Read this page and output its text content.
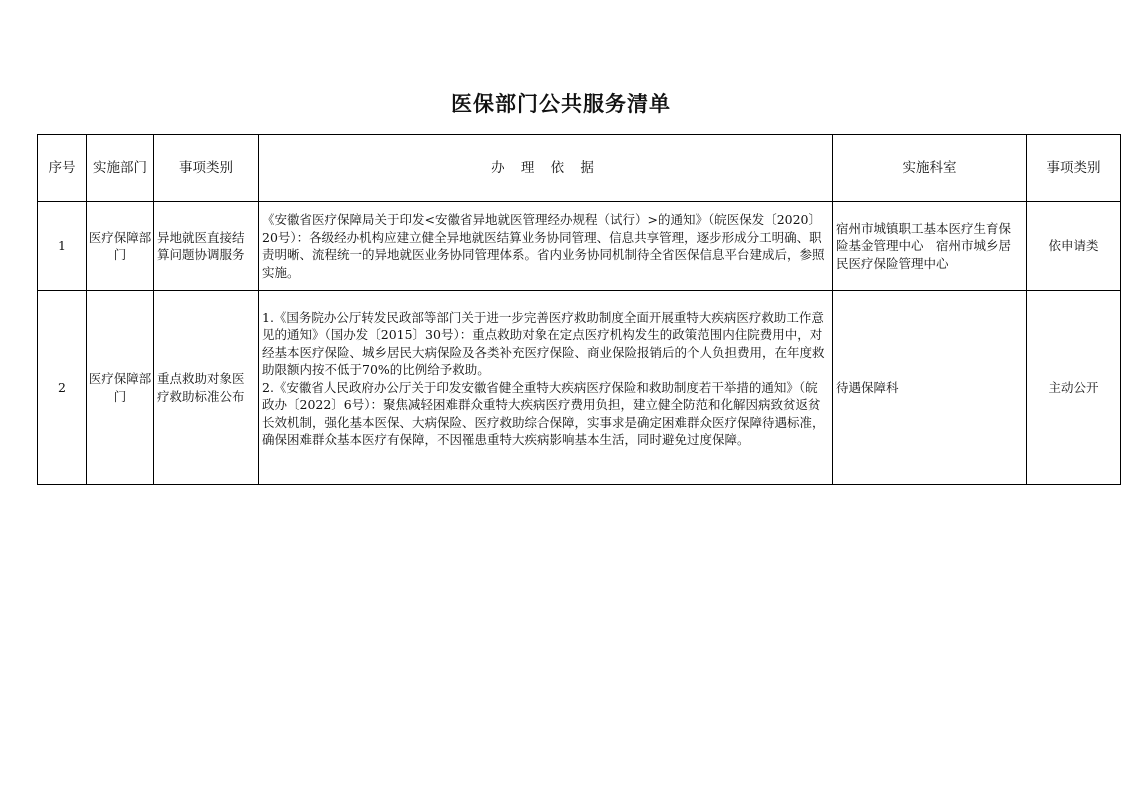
医保部门公共服务清单
序号	实施部门	事项类别	办 理 依 据	实施科室	事项类别
1	医疗保障部门	异地就医直接结算问题协调服务	《安徽省医疗保障局关于印发<安徽省异地就医管理经办规程（试行）>的通知》（皖医保发〔2020〕20号）：各级经办机构应建立健全异地就医结算业务协同管理、信息共享管理，逐步形成分工明确、职责明晰、流程统一的异地就医业务协同管理体系。省内业务协同机制待全省医保信息平台建成后，参照实施。	宿州市城镇职工基本医疗生育保险基金管理中心　宿州市城乡居民医疗保险管理中心	依申请类
2	医疗保障部门	重点救助对象医疗救助标准公布	1.《国务院办公厅转发民政部等部门关于进一步完善医疗救助制度全面开展重特大疾病医疗救助工作意见的通知》（国办发〔2015〕30号）：重点救助对象在定点医疗机构发生的政策范围内住院费用中，对经基本医疗保险、城乡居民大病保险及各类补充医疗保险、商业保险报销后的个人负担费用，在年度救助限额内按不低于70%的比例给予救助。
2.《安徽省人民政府办公厅关于印发安徽省健全重特大疾病医疗保险和救助制度若干举措的通知》（皖政办〔2022〕6号）：聚焦减轻困难群众重特大疾病医疗费用负担，建立健全防范和化解因病致贫返贫长效机制，强化基本医保、大病保险、医疗救助综合保障，实事求是确定困难群众医疗保障待遇标准，确保困难群众基本医疗有保障，不因罹患重特大疾病影响基本生活，同时避免过度保障。	待遇保障科	主动公开
